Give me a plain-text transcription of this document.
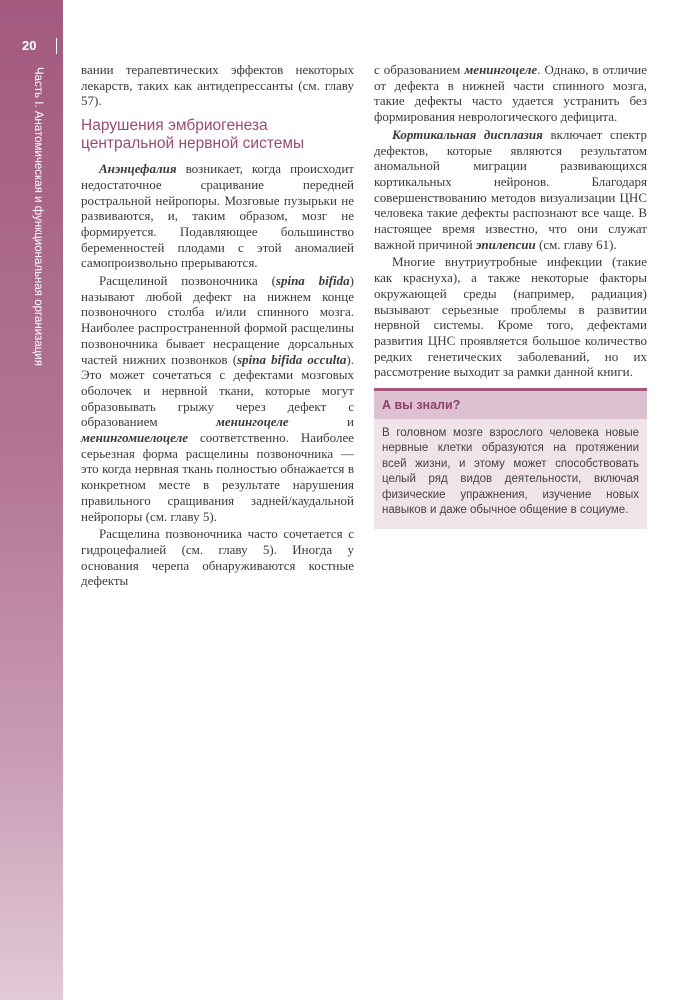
20
Часть I. Анатомическая и функциональная организация	вании терапевтических эффектов некоторых лекарств, таких как антидепрессанты (см. главу 57).

Нарушения эмбриогенеза центральной нервной системы

Анэнцефалия возникает, когда происходит недостаточное срацивание передней ростральной нейропоры. Мозговые пузырьки не развиваются, и, таким образом, мозг не формируется. Подавляющее большинство беременностей плодами с этой аномалией самопроизвольно прерываются.

Расщелиной позвоночника (spina bifida) называют любой дефект на нижнем конце позвоночного столба и/или спинного мозга. Наиболее распространенной формой расщелины позвоночника бывает несращение дорсальных частей нижних позвонков (spina bifida occulta). Это может сочетаться с дефектами мозговых оболочек и нервной ткани, которые могут образовывать грыжу через дефект с образованием менингоцеле и менингомиелоцеле соответственно. Наиболее серьезная форма расщелины позвоночника — это когда нервная ткань полностью обнажается в конкретном месте в результате нарушения правильного сращивания задней/каудальной нейропоры (см. главу 5).

Расщелина позвоночника часто сочетается с гидроцефалией (см. главу 5). Иногда у основания черепа обнаруживаются костные дефекты

с образованием менингоцеле. Однако, в отличие от дефекта в нижней части спинного мозга, такие дефекты часто удается устранить без формирования неврологического дефицита.

Кортикальная дисплазия включает спектр дефектов, которые являются результатом аномальной миграции развивающихся кортикальных нейронов. Благодаря совершенствованию методов визуализации ЦНС человека такие дефекты распознают все чаще. В настоящее время известно, что они служат важной причиной эпилепсии (см. главу 61).

Многие внутриутробные инфекции (такие как краснуха), а также некоторые факторы окружающей среды (например, радиация) вызывают серьезные проблемы в развитии нервной системы. Кроме того, дефектами развития ЦНС проявляется большое количество редких генетических заболеваний, но их рассмотрение выходит за рамки данной книги.

А вы знали?
В головном мозге взрослого человека новые нервные клетки образуются на протяжении всей жизни, и этому может способствовать целый ряд видов деятельности, включая физические упражнения, изучение новых навыков и даже обычное общение в социуме.
